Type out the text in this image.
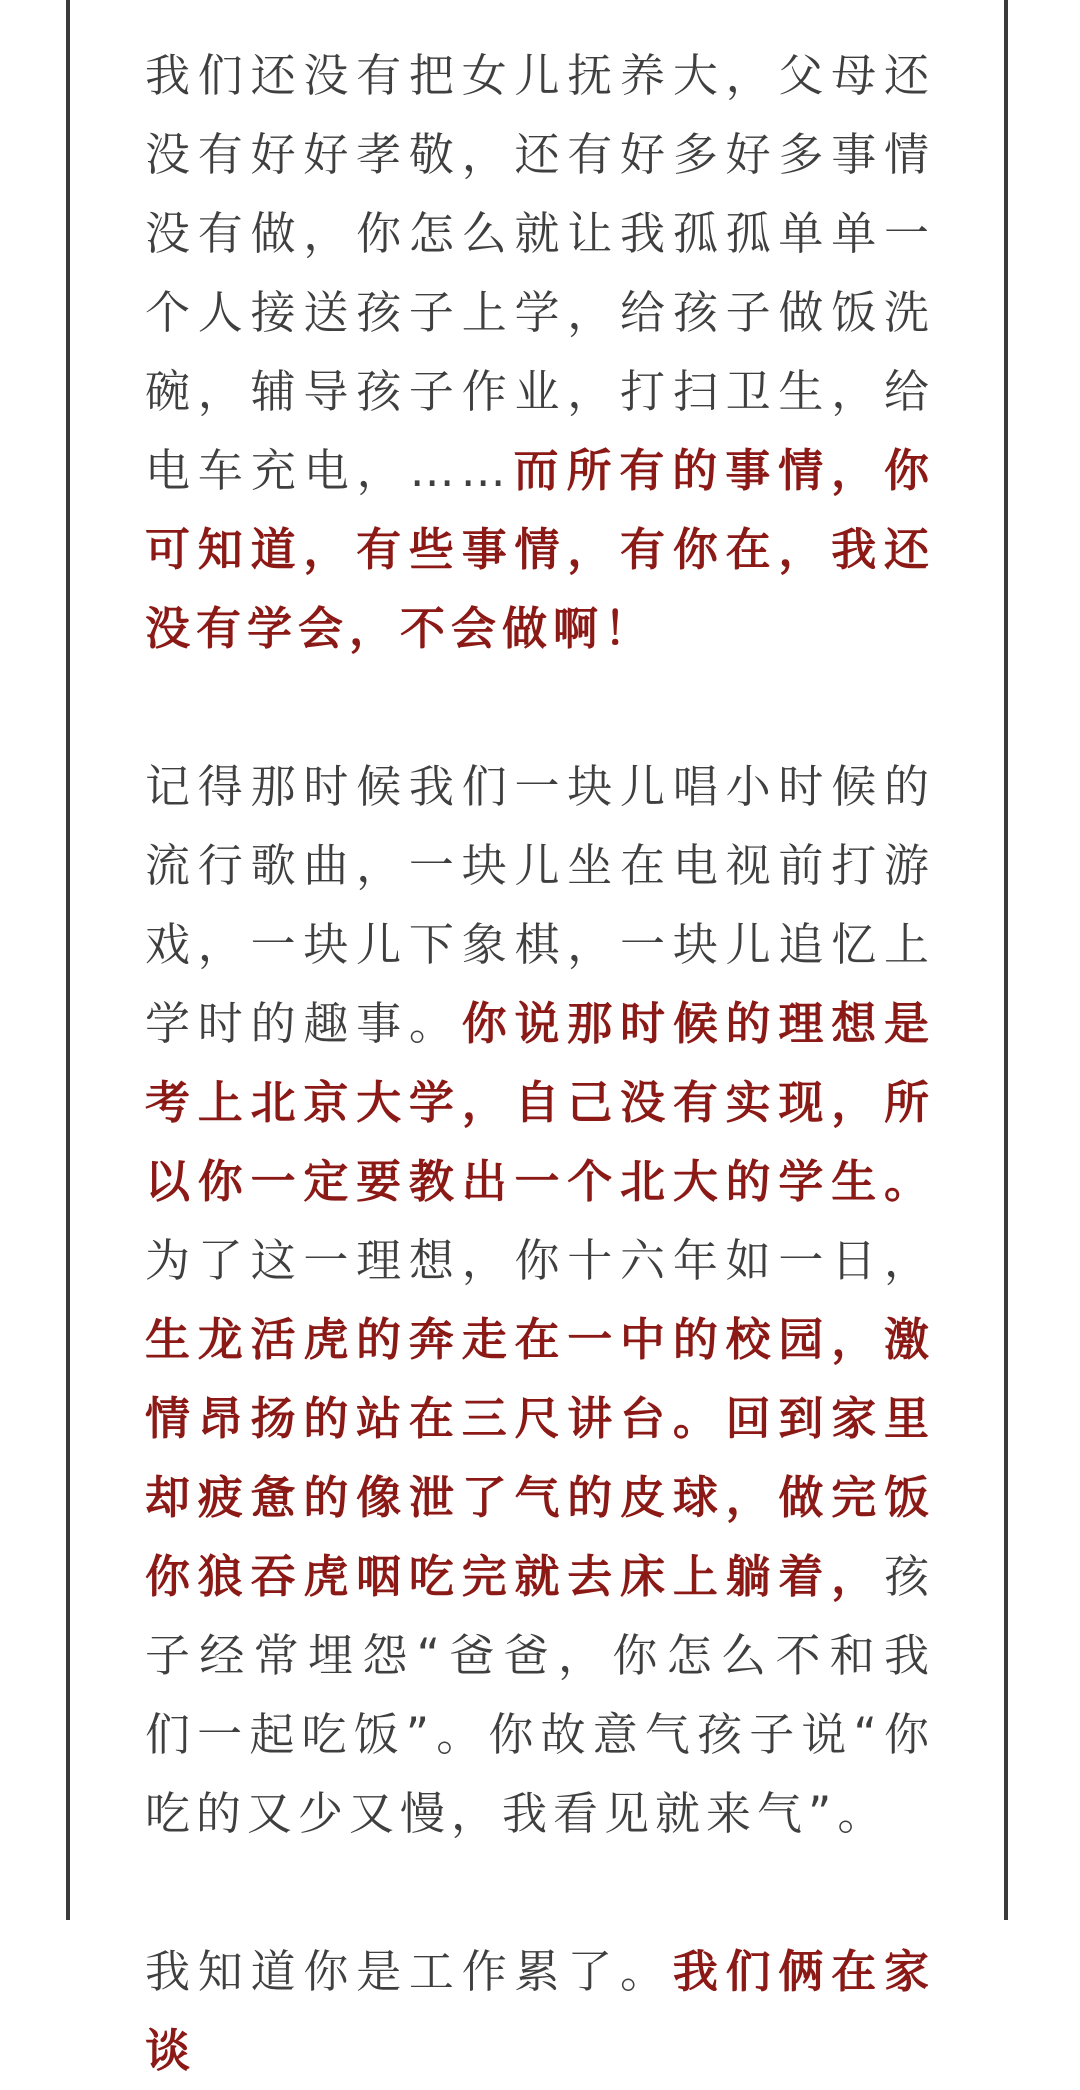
我们还没有把女儿抚养大，父母还没有好好孝敬，还有好多好多事情没有做，你怎么就让我孤孤单单一个人接送孩子上学，给孩子做饭洗碗，辅导孩子作业，打扫卫生，给电车充电，……而所有的事情，你可知道，有些事情，有你在，我还没有学会，不会做啊！

记得那时候我们一块儿唱小时候的流行歌曲，一块儿坐在电视前打游戏，一块儿下象棋，一块儿追忆上学时的趣事。你说那时候的理想是考上北京大学，自己没有实现，所以你一定要教出一个北大的学生。为了这一理想，你十六年如一日，生龙活虎的奔走在一中的校园，激情昂扬的站在三尺讲台。回到家里却疲惫的像泄了气的皮球，做完饭你狼吞虎咽吃完就去床上躺着，孩子经常埋怨“爸爸，你怎么不和我们一起吃饭”。你故意气孩子说“你吃的又少又慢，我看见就来气”。

我知道你是工作累了。我们俩在家谈
